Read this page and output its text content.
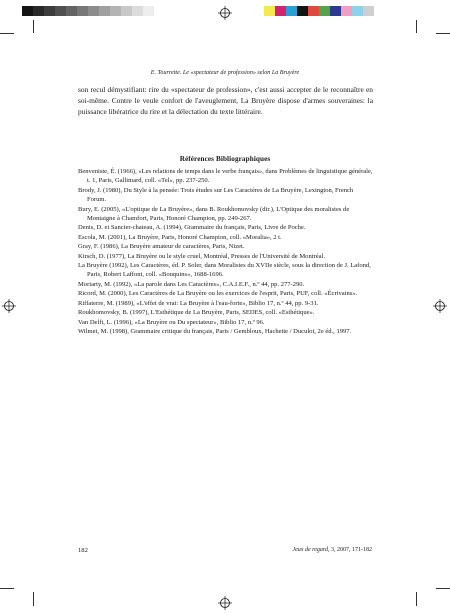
E. Tourrette. Le «spectateur de profession» selon La Bruyère

son recul démystifiant: rire du «spectateur de profession», c'est aussi accepter de le reconnaître en soi-même. Contre le veule confort de l'aveuglement, La Bruyère dispose d'armes souveraines: la puissance libératrice du rire et la délectation du texte littéraire.

Références Bibliographiques

Benveniste, É. (1966), «Les relations de temps dans le verbe français», dans Problèmes de linguistique générale, t. 1, Paris, Gallimard, coll. «Tel», pp. 237-250.

Brody, J. (1980), Du Style à la pensée: Trois études sur Les Caractères de La Bruyère, Lexington, French Forum.

Bury, E. (2005), «L'optique de La Bruyère», dans B. Roukhomovsky (dir.), L'Optique des moralistes de Montaigne à Chamfort, Paris, Honoré Champion, pp. 249-267.

Denis, D. et Sancier-chateau, A. (1994), Grammaire du français, Paris, Livre de Poche.

Escola, M. (2001), La Bruyère, Paris, Honoré Champion, coll. «Moralia», 2 t.

Gray, F. (1986), La Bruyère amateur de caractères, Paris, Nizet.

Kirsch, D. (1977), La Bruyère ou le style cruel, Montréal, Presses de l'Université de Montréal.

La Bruyère (1992), Les Caractères, éd. P. Soler, dans Moralistes du XVIIe siècle, sous la direction de J. Lafond, Paris, Robert Laffont, coll. «Bouquins», 1688-1696.

Moriarty, M. (1992), «La parole dans Les Caractères», C.A.I.E.F., n.º 44, pp. 277-290.

Ricord, M. (2000), Les Caractères de La Bruyère ou les exercices de l'esprit, Paris, PUF, coll. «Écrivains».

Riffaterre, M. (1989), «L'effet de vrai: La Bruyère à l'eau-forte», Biblio 17, n.º 44, pp. 9-31.

Roukhomovsky, B. (1997), L'Esthétique de La Bruyère, Paris, SEDES, coll. «Esthétique».

Van Delft, L. (1996), «La Bruyère ou Du spectateur», Biblio 17, n.º 96.

Wilmet, M. (1998), Grammaire critique du français, Paris / Gembloux, Hachette / Duculot, 2e éd., 1997.

182	Jeux de regard, 3, 2007, 171-182
